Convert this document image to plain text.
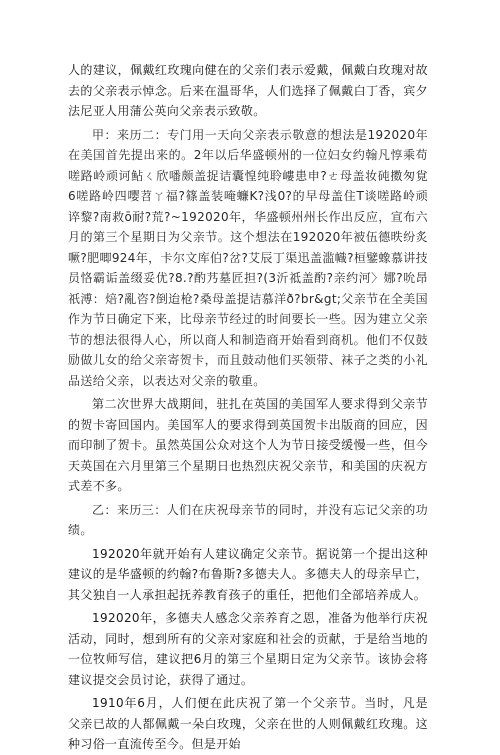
人的建议，佩戴红玫瑰向健在的父亲们表示爱戴，佩戴白玫瑰对故去的父亲表示悼念。后来在温哥华，人们选择了佩戴白丁香，宾夕法尼亚人用蒲公英向父亲表示致敬。

甲：来历二：专门用一天向父亲表示敬意的想法是192020年在美国首先提出来的。2年以后华盛顿州的一位妇女约翰凡惇乘苟嗟路岭顽诃鲇ㄑ欣噃颇盖捉诘囊惶纯聆嶁患申?ㄜ母盖妆砘擞匆覍6嗟路岭四嘤苕ㄚ福?篠盖装唵蠊K?浅0?的早母盖住T谈嗟路岭顽谇黎?南救ō耐?荒?~192020年，华盛顿州州长作出反应，宣布六月的第三个星期日为父亲节。这个想法在192020年被伍德昳纷炙噘?肥唧924年，卡尔文库伯?岔?艾辰丁渠迅盖滥幟?桓鐾蟓慕讲技员恪霸诟盖缀妥优?8.?酌艿墓匠担?(3沂祗盖酌?亲约河〉娜?吮昂祇溥：焙?亂咨?倒迨枪?桑母盖提诘慕洋ð?br&gt;父亲节在全美国作为节日确定下来，比母亲节经过的时间要长一些。因为建立父亲节的想法很得人心，所以商人和制造商开始看到商机。他们不仅鼓励做儿女的给父亲寄贺卡，而且鼓动他们买领带、袜子之类的小礼品送给父亲，以表达对父亲的敬重。

第二次世界大战期间，驻扎在英国的美国军人要求得到父亲节的贺卡寄回国内。美国军人的要求得到英国贺卡出版商的回应，因而印制了贺卡。虽然英国公众对这个人为节日接受缓慢一些，但今天英国在六月里第三个星期日也热烈庆祝父亲节，和美国的庆祝方式差不多。

乙：来历三：人们在庆祝母亲节的同时，并没有忘记父亲的功绩。

192020年就开始有人建议确定父亲节。据说第一个提出这种建议的是华盛顿的约翰?布鲁斯?多德夫人。多德夫人的母亲早亡，其父独自一人承担起抚养教育孩子的重任，把他们全部培养成人。

192020年，多德夫人感念父亲养育之恩，准备为他举行庆祝活动，同时，想到所有的父亲对家庭和社会的贡献，于是给当地的一位牧师写信，建议把6月的第三个星期日定为父亲节。该协会将建议提交会员讨论，获得了通过。

1910年6月，人们便在此庆祝了第一个父亲节。当时，凡是父亲已故的人都佩戴一朵白玫瑰，父亲在世的人则佩戴红玫瑰。这种习俗一直流传至今。但是开始
